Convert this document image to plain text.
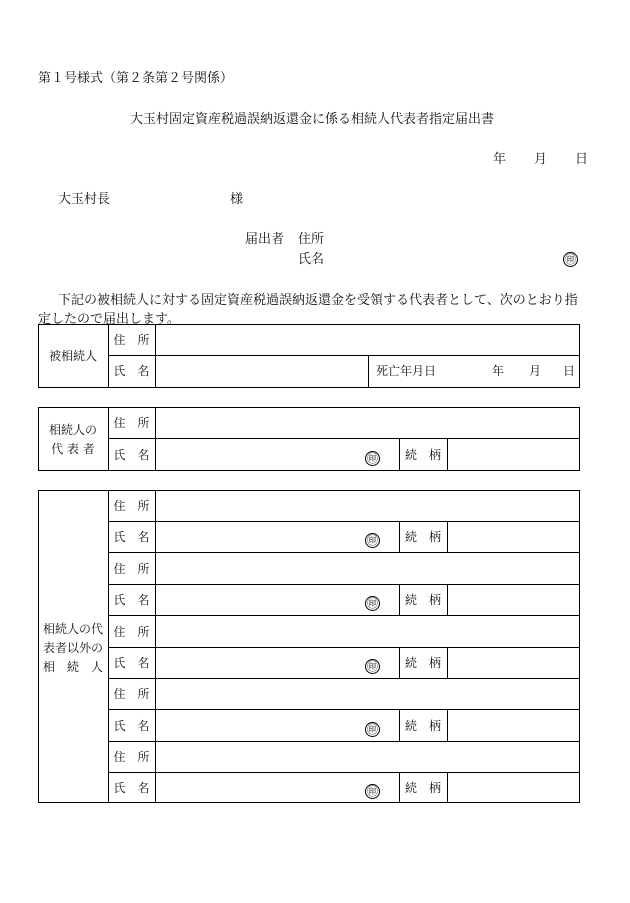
第１号様式（第２条第２号関係）
大玉村固定資産税過誤納返還金に係る相続人代表者指定届出書
年 月 日
大玉村長	様
届出者 住所
氏名	㊞
下記の被相続人に対する固定資産税過誤納返還金を受領する代表者として、次のとおり指
定したので届出します。
被相続人
住　所
氏　名	死亡年月日	年 月 日
相続人の
代 表 者
住　所
氏　名	㊞	続　柄
相続人の代
表者以外の
相　続　人
住　所
氏　名	㊞	続　柄
住　所
氏　名	㊞	続　柄
住　所
氏　名	㊞	続　柄
住　所
氏　名	㊞	続　柄
住　所
氏　名	㊞	続　柄
